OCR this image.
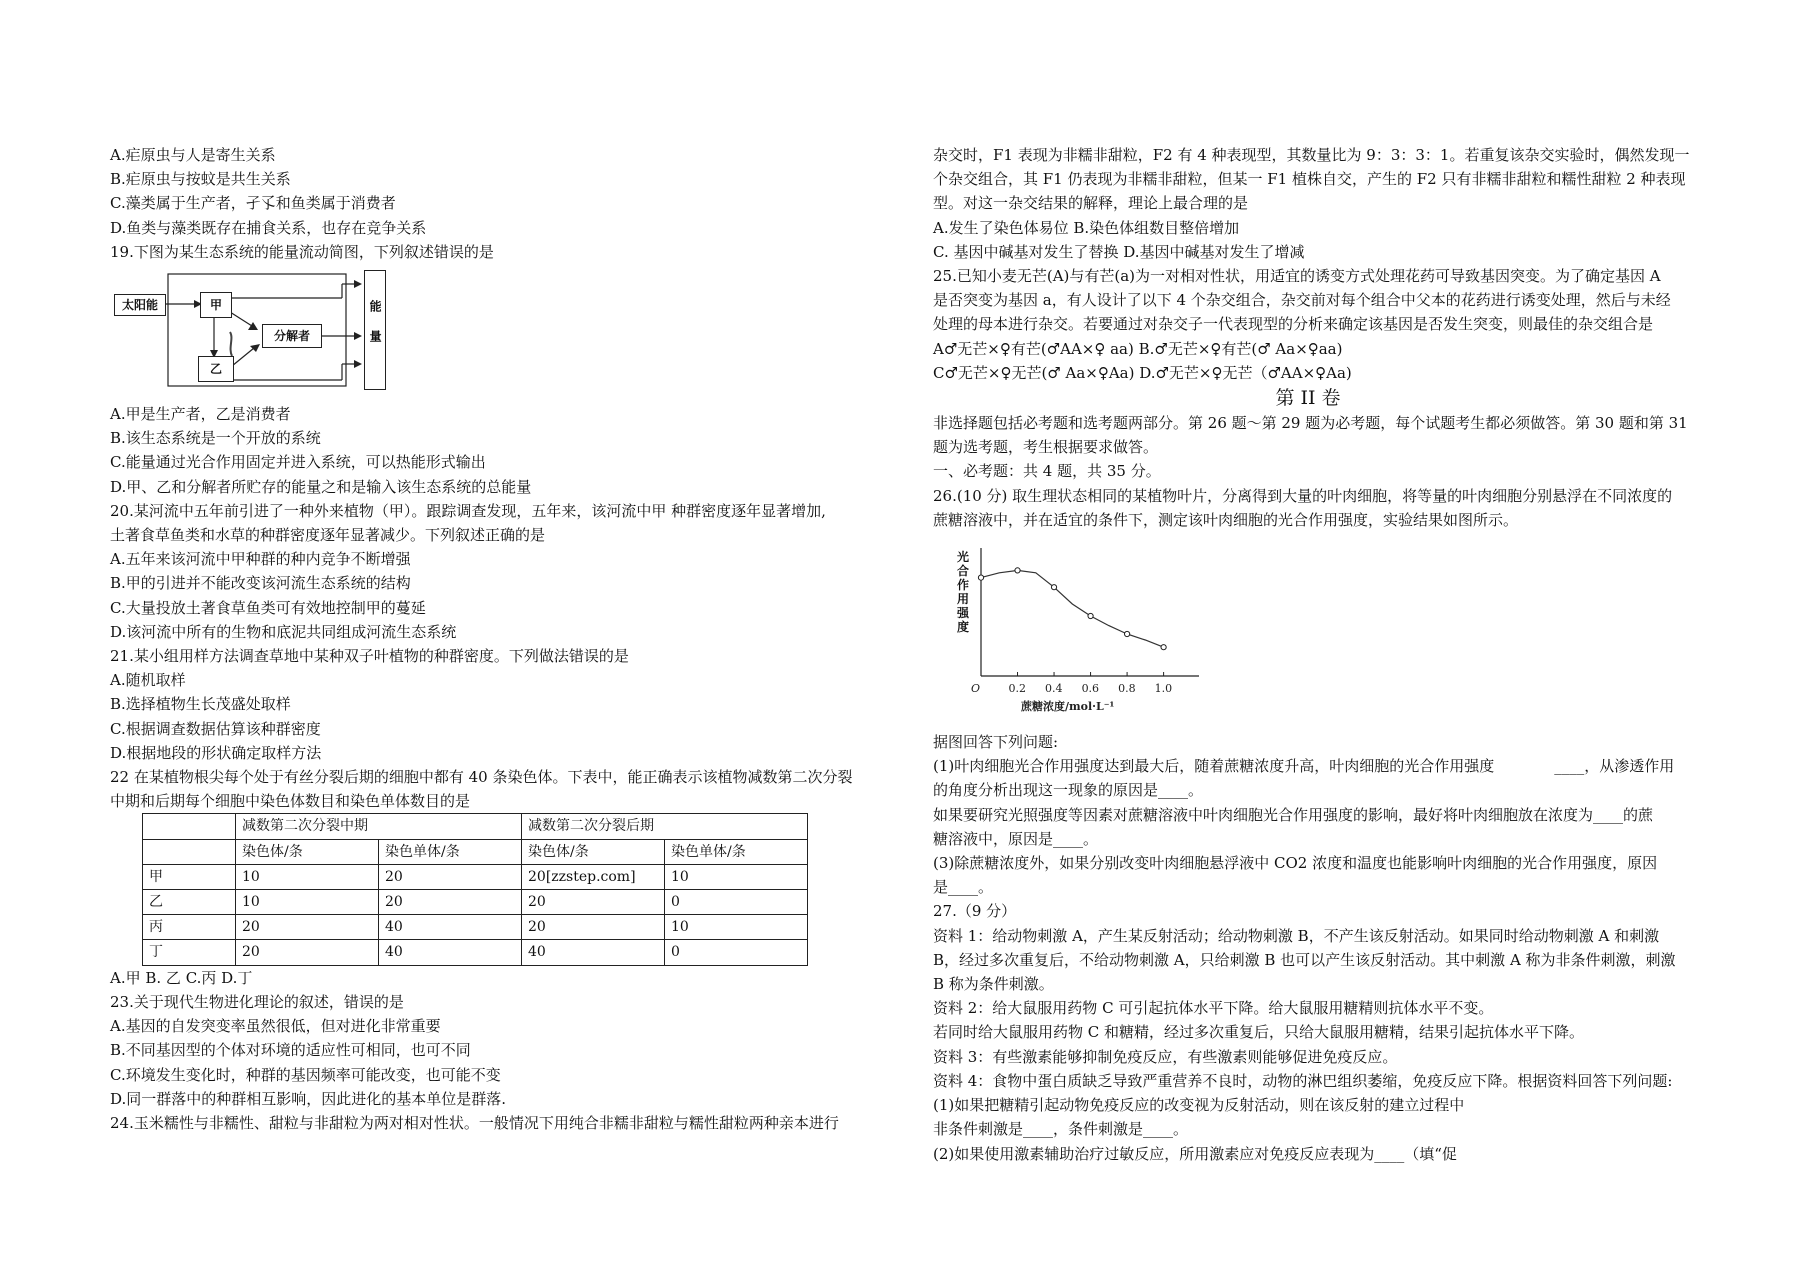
A.疟原虫与人是寄生关系
B.疟原虫与按蚊是共生关系
C.藻类属于生产者，孑孓和鱼类属于消费者
D.鱼类与藻类既存在捕食关系，也存在竞争关系
19.下图为某生态系统的能量流动简图，下列叙述错误的是
太阳能	甲
乙
分解者	能量
A.甲是生产者，乙是消费者
B.该生态系统是一个开放的系统
C.能量通过光合作用固定并进入系统，可以热能形式输出
D.甲、乙和分解者所贮存的能量之和是输入该生态系统的总能量
20.某河流中五年前引进了一种外来植物（甲）。跟踪调查发现，五年来，该河流中甲 种群密度逐年显著增加,
土著食草鱼类和水草的种群密度逐年显著减少。下列叙述正确的是
A.五年来该河流中甲种群的种内竞争不断增强
B.甲的引进并不能改变该河流生态系统的结构
C.大量投放土著食草鱼类可有效地控制甲的蔓延
D.该河流中所有的生物和底泥共同组成河流生态系统
21.某小组用样方法调查草地中某种双子叶植物的种群密度。下列做法错误的是
A.随机取样
B.选择植物生长茂盛处取样
C.根据调查数据估算该种群密度
D.根据地段的形状确定取样方法
22 在某植物根尖每个处于有丝分裂后期的细胞中都有 40 条染色体。下表中，能正确表示该植物减数第二次分裂
中期和后期每个细胞中染色体数目和染色单体数目的是
	减数第二次分裂中期		减数第二次分裂后期	
	染色体/条	染色单体/条	染色体/条	染色单体/条
甲	10	20	20[zzstep.com]	10
乙	10	20	20	0
丙	20	40	20	10
丁	20	40	40	0
A.甲 B. 乙 C.丙 D.丁
23.关于现代生物进化理论的叙述，错误的是
A.基因的自发突变率虽然很低，但对进化非常重要
B.不同基因型的个体对环境的适应性可相同，也可不同
C.环境发生变化时，种群的基因频率可能改变，也可能不变
D.同一群落中的种群相互影响，因此进化的基本单位是群落.
24.玉米糯性与非糯性、甜粒与非甜粒为两对相对性状。一般情况下用纯合非糯非甜粒与糯性甜粒两种亲本进行
杂交时，F1 表现为非糯非甜粒，F2 有 4 种表现型，其数量比为 9：3：3：1。若重复该杂交实验时，偶然发现一
个杂交组合，其 F1 仍表现为非糯非甜粒，但某一 F1 植株自交，产生的 F2 只有非糯非甜粒和糯性甜粒 2 种表现
型。对这一杂交结果的解释，理论上最合理的是
A.发生了染色体易位 B.染色体组数目整倍增加
C. 基因中碱基对发生了替换 D.基因中碱基对发生了增减
25.已知小麦无芒(A)与有芒(a)为一对相对性状，用适宜的诱变方式处理花药可导致基因突变。为了确定基因 A
是否突变为基因 a，有人设计了以下 4 个杂交组合，杂交前对每个组合中父本的花药进行诱变处理，然后与未经
处理的母本进行杂交。若要通过对杂交子一代表现型的分析来确定该基因是否发生突变，则最佳的杂交组合是
A♂无芒×♀有芒(♂AA×♀ aa) B.♂无芒×♀有芒(♂ Aa×♀aa)
C♂无芒×♀无芒(♂ Aa×♀Aa) D.♂无芒×♀无芒（♂AA×♀Aa)
第 II 卷
非选择题包括必考题和选考题两部分。第 26 题～第 29 题为必考题，每个试题考生都必须做答。第 30 题和第 31
题为选考题，考生根据要求做答。
一、必考题：共 4 题，共 35 分。
26.(10 分) 取生理状态相同的某植物叶片，分离得到大量的叶肉细胞，将等量的叶肉细胞分别悬浮在不同浓度的
蔗糖溶液中，并在适宜的条件下，测定该叶肉细胞的光合作用强度，实验结果如图所示。
光合作用强度
O	0.2 0.4 0.6 0.8 1.0
蔗糖浓度/mol·L⁻¹
据图回答下列问题:
(1)叶肉细胞光合作用强度达到最大后，随着蔗糖浓度升高，叶肉细胞的光合作用强度	____，从渗透作用
的角度分析出现这一现象的原因是____。
如果要研究光照强度等因素对蔗糖溶液中叶肉细胞光合作用强度的影响，最好将叶肉细胞放在浓度为____的蔗
糖溶液中，原因是____。
(3)除蔗糖浓度外，如果分别改变叶肉细胞悬浮液中 CO2 浓度和温度也能影响叶肉细胞的光合作用强度，原因
是____。
27.（9 分）
资料 1：给动物刺激 A，产生某反射活动；给动物刺激 B，不产生该反射活动。如果同时给动物刺激 A 和刺激
B，经过多次重复后，不给动物刺激 A，只给刺激 B 也可以产生该反射活动。其中刺激 A 称为非条件刺激，刺激
B 称为条件刺激。
资料 2：给大鼠服用药物 C 可引起抗体水平下降。给大鼠服用糖精则抗体水平不变。
若同时给大鼠服用药物 C 和糖精，经过多次重复后，只给大鼠服用糖精，结果引起抗体水平下降。
资料 3：有些激素能够抑制免疫反应，有些激素则能够促进免疫反应。
资料 4：食物中蛋白质缺乏导致严重营养不良时，动物的淋巴组织萎缩，免疫反应下降。根据资料回答下列问题:
(1)如果把糖精引起动物免疫反应的改变视为反射活动，则在该反射的建立过程中
非条件刺激是____，条件刺激是____。
(2)如果使用激素辅助治疗过敏反应，所用激素应对免疫反应表现为____（填“促
